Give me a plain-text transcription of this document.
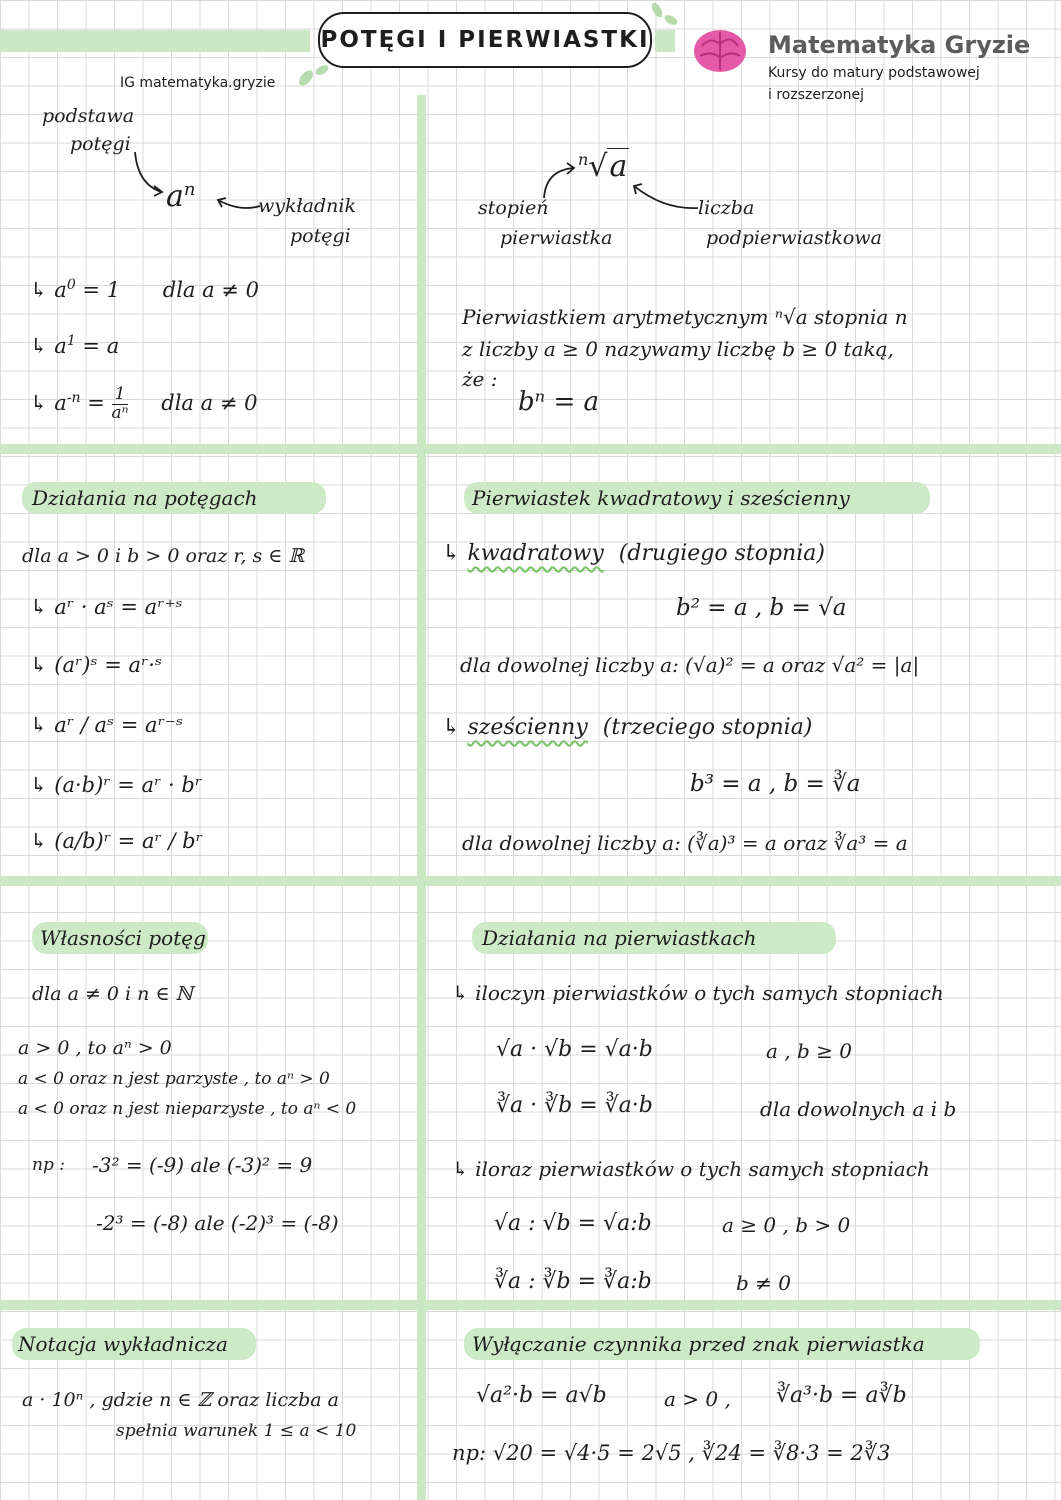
POTĘGI I PIERWIASTKI	Matematyka Gryzie
Kursy do matury podstawowej
i rozszerzonej
IG matematyka.gryzie
podstawa
potęgi
$a^n$
wykładnik
potęgi
↳ $a^0 = 1$ dla a ≠ 0
↳ $a^1 = a$
↳ $a^{-n} = \frac{1}{\text{aⁿ}}$ dla a ≠ 0
$^n$√a
stopień
pierwiastka
liczba
podpierwiastkowa
Pierwiastkiem arytmetycznym ⁿ√a stopnia n
z liczby a ≥ 0 nazywamy liczbę b ≥ 0 taką,
że :
bⁿ = a
Działania na potęgach
dla a > 0 i b > 0 oraz r, s ∈ ℝ
↳ aʳ · aˢ = aʳ⁺ˢ
↳ (aʳ)ˢ = aʳ·ˢ
↳ aʳ / aˢ = aʳ⁻ˢ
↳ (a·b)ʳ = aʳ · bʳ
↳ (a/b)ʳ = aʳ / bʳ
Pierwiastek kwadratowy i sześcienny
↳ kwadratowy (drugiego stopnia)
b² = a , b = √a
dla dowolnej liczby a: (√a)² = a oraz √a² = |a|
↳ sześcienny (trzeciego stopnia)
b³ = a , b = ∛a
dla dowolnej liczby a: (∛a)³ = a oraz ∛a³ = a
Własności potęg
dla a ≠ 0 i n ∈ ℕ
a > 0 , to aⁿ > 0
a < 0 oraz n jest parzyste , to aⁿ > 0
a < 0 oraz n jest nieparzyste , to aⁿ < 0
np : -3² = (-9) ale (-3)² = 9
-2³ = (-8) ale (-2)³ = (-8)
Działania na pierwiastkach
↳ iloczyn pierwiastków o tych samych stopniach
√a · √b = √a·b	a , b ≥ 0
∛a · ∛b = ∛a·b	dla dowolnych a i b
↳ iloraz pierwiastków o tych samych stopniach
√a : √b = √a:b	a ≥ 0 , b > 0
∛a : ∛b = ∛a:b	b ≠ 0
Notacja wykładnicza
a · 10ⁿ , gdzie n ∈ ℤ oraz liczba a
spełnia warunek 1 ≤ a < 10
Wyłączanie czynnika przed znak pierwiastka
√a²·b = a√b	a > 0 , ∛a³·b = a∛b
np: √20 = √4·5 = 2√5 , ∛24 = ∛8·3 = 2∛3
